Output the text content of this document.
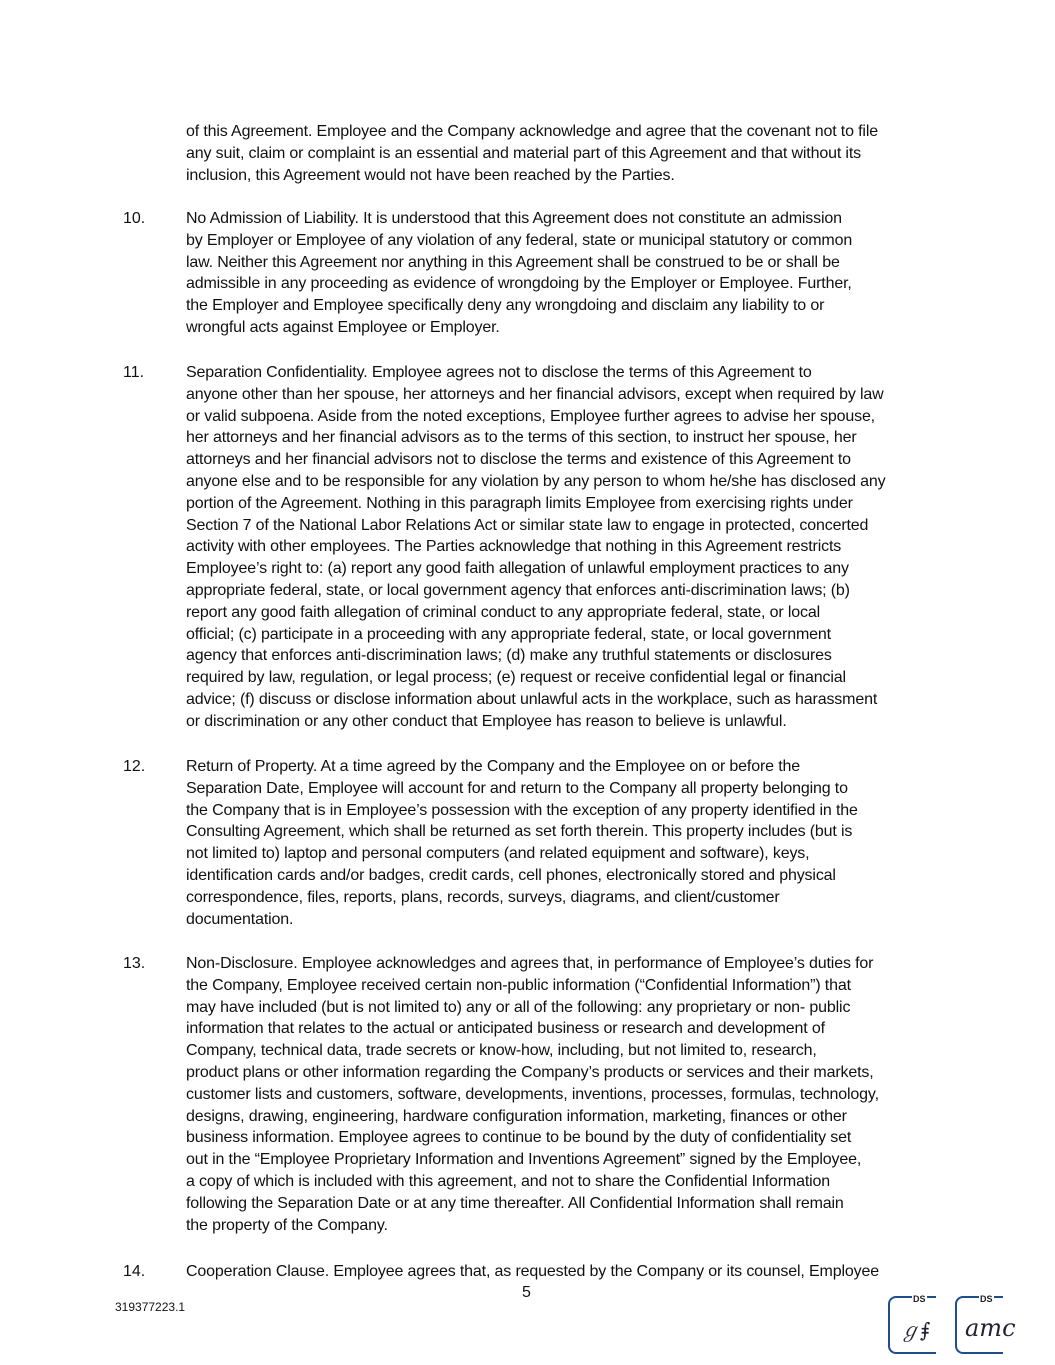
of this Agreement. Employee and the Company acknowledge and agree that the covenant not to file
any suit, claim or complaint is an essential and material part of this Agreement and that without its
inclusion, this Agreement would not have been reached by the Parties.
10.	No Admission of Liability. It is understood that this Agreement does not constitute an admission
by Employer or Employee of any violation of any federal, state or municipal statutory or common
law. Neither this Agreement nor anything in this Agreement shall be construed to be or shall be
admissible in any proceeding as evidence of wrongdoing by the Employer or Employee. Further,
the Employer and Employee specifically deny any wrongdoing and disclaim any liability to or
wrongful acts against Employee or Employer.
11.	Separation Confidentiality. Employee agrees not to disclose the terms of this Agreement to
anyone other than her spouse, her attorneys and her financial advisors, except when required by law
or valid subpoena. Aside from the noted exceptions, Employee further agrees to advise her spouse,
her attorneys and her financial advisors as to the terms of this section, to instruct her spouse, her
attorneys and her financial advisors not to disclose the terms and existence of this Agreement to
anyone else and to be responsible for any violation by any person to whom he/she has disclosed any
portion of the Agreement. Nothing in this paragraph limits Employee from exercising rights under
Section 7 of the National Labor Relations Act or similar state law to engage in protected, concerted
activity with other employees. The Parties acknowledge that nothing in this Agreement restricts
Employee’s right to: (a) report any good faith allegation of unlawful employment practices to any
appropriate federal, state, or local government agency that enforces anti-discrimination laws; (b)
report any good faith allegation of criminal conduct to any appropriate federal, state, or local
official; (c) participate in a proceeding with any appropriate federal, state, or local government
agency that enforces anti-discrimination laws; (d) make any truthful statements or disclosures
required by law, regulation, or legal process; (e) request or receive confidential legal or financial
advice; (f) discuss or disclose information about unlawful acts in the workplace, such as harassment
or discrimination or any other conduct that Employee has reason to believe is unlawful.
12.	Return of Property. At a time agreed by the Company and the Employee on or before the
Separation Date, Employee will account for and return to the Company all property belonging to
the Company that is in Employee’s possession with the exception of any property identified in the
Consulting Agreement, which shall be returned as set forth therein. This property includes (but is
not limited to) laptop and personal computers (and related equipment and software), keys,
identification cards and/or badges, credit cards, cell phones, electronically stored and physical
correspondence, files, reports, plans, records, surveys, diagrams, and client/customer
documentation.
13.	Non-Disclosure. Employee acknowledges and agrees that, in performance of Employee’s duties for
the Company, Employee received certain non-public information (“Confidential Information”) that
may have included (but is not limited to) any or all of the following: any proprietary or non- public
information that relates to the actual or anticipated business or research and development of
Company, technical data, trade secrets or know-how, including, but not limited to, research,
product plans or other information regarding the Company’s products or services and their markets,
customer lists and customers, software, developments, inventions, processes, formulas, technology,
designs, drawing, engineering, hardware configuration information, marketing, finances or other
business information. Employee agrees to continue to be bound by the duty of confidentiality set
out in the “Employee Proprietary Information and Inventions Agreement” signed by the Employee,
a copy of which is included with this agreement, and not to share the Confidential Information
following the Separation Date or at any time thereafter. All Confidential Information shall remain
the property of the Company.
14.	Cooperation Clause. Employee agrees that, as requested by the Company or its counsel, Employee
5
319377223.1
DS
ℊ⨎
DS
amc
